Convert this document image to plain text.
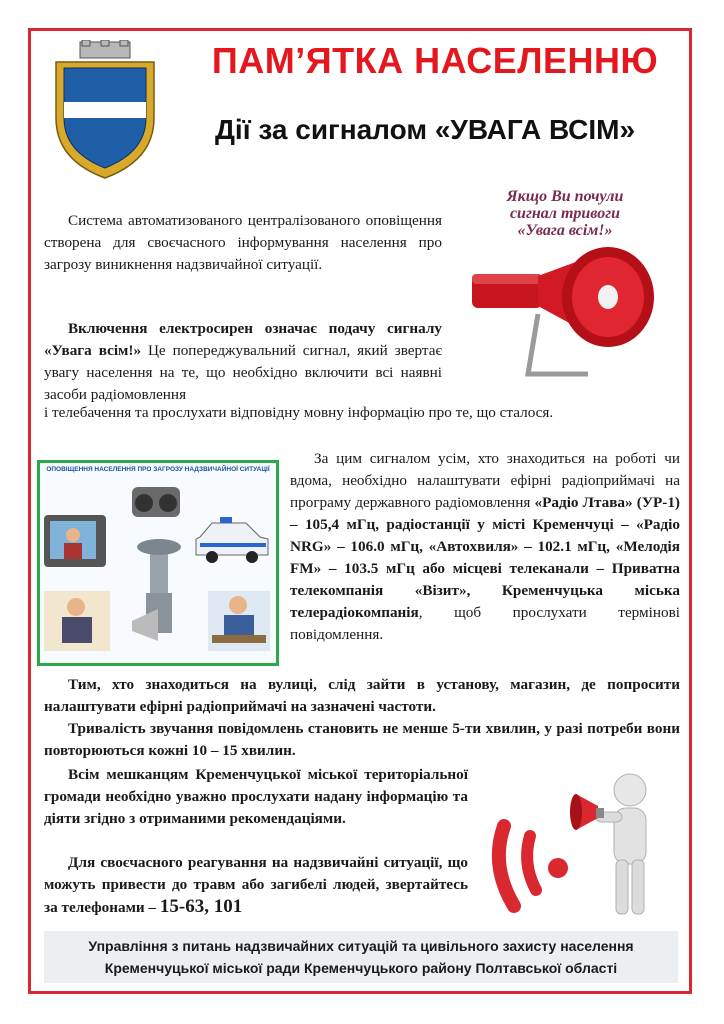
ПАМ’ЯТКА НАСЕЛЕННЮ
Дії за сигналом «УВАГА ВСІМ»
Якщо Ви почули
сигнал тривоги
«Увага всім!»
Система автоматизованого централізованого оповіщення створена для своєчасного інформування населення про загрозу виникнення надзвичайної ситуації.
Включення електросирен означає подачу сигналу «Увага всім!» Це попереджувальний сигнал, який звертає увагу населення на те, що необхідно включити всі наявні засоби радіомовлення
і телебачення та прослухати відповідну мовну інформацію про те, що сталося.
ОПОВІЩЕННЯ НАСЕЛЕННЯ ПРО ЗАГРОЗУ НАДЗВИЧАЙНОЇ СИТУАЦІЇ
За цим сигналом усім, хто знаходиться на роботі чи вдома, необхідно налаштувати ефірні радіоприймачі на програму державного радіомовлення «Радіо Лтава» (УР-1) – 105,4 мГц, радіостанції у місті Кременчуці – «Радіо NRG» – 106.0 мГц, «Автохвиля» – 102.1 мГц, «Мелодія FM» – 103.5 мГц або місцеві телеканали – Приватна телекомпанія «Візит», Кременчуцька міська телерадіокомпанія, щоб прослухати термінові повідомлення.
Тим, хто знаходиться на вулиці, слід зайти в установу, магазин, де попросити налаштувати ефірні радіоприймачі на зазначені частоти.
Тривалість звучання повідомлень становить не менше 5-ти хвилин, у разі потреби вони повторюються кожні 10 – 15 хвилин.
Всім мешканцям Кременчуцької міської територіальної громади необхідно уважно прослухати надану інформацію та діяти згідно з отриманими рекомендаціями.
Для своєчасного реагування на надзвичайні ситуації, що можуть привести до травм або загибелі людей, звертайтесь за телефонами – 15-63, 101
Управління з питань надзвичайних ситуацій та цивільного захисту населення
Кременчуцької міської ради Кременчуцького району Полтавської області
